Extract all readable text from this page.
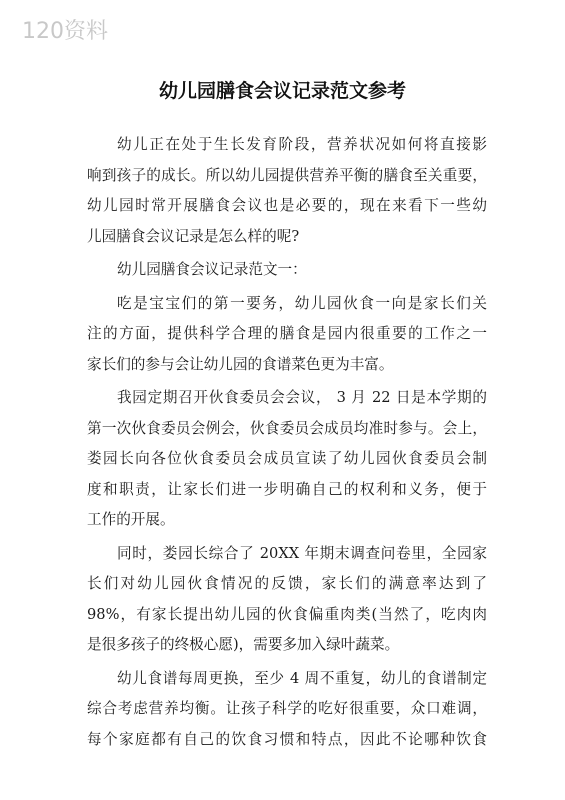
120资料
幼儿园膳食会议记录范文参考
幼儿正在处于生长发育阶段，营养状况如何将直接影
响到孩子的成长。所以幼儿园提供营养平衡的膳食至关重要，
幼儿园时常开展膳食会议也是必要的，现在来看下一些幼
儿园膳食会议记录是怎么样的呢?
幼儿园膳食会议记录范文一：
吃是宝宝们的第一要务，幼儿园伙食一向是家长们关
注的方面，提供科学合理的膳食是园内很重要的工作之一
家长们的参与会让幼儿园的食谱菜色更为丰富。
我园定期召开伙食委员会会议， 3 月 22 日是本学期的
第一次伙食委员会例会，伙食委员会成员均准时参与。会上，
娄园长向各位伙食委员会成员宣读了幼儿园伙食委员会制
度和职责，让家长们进一步明确自己的权利和义务，便于
工作的开展。
同时，娄园长综合了 20XX 年期末调查问卷里，全园家
长们对幼儿园伙食情况的反馈，家长们的满意率达到了
98%，有家长提出幼儿园的伙食偏重肉类(当然了，吃肉肉
是很多孩子的终极心愿)，需要多加入绿叶蔬菜。
幼儿食谱每周更换，至少 4 周不重复，幼儿的食谱制定
综合考虑营养均衡。让孩子科学的吃好很重要，众口难调，
每个家庭都有自己的饮食习惯和特点，因此不论哪种饮食
